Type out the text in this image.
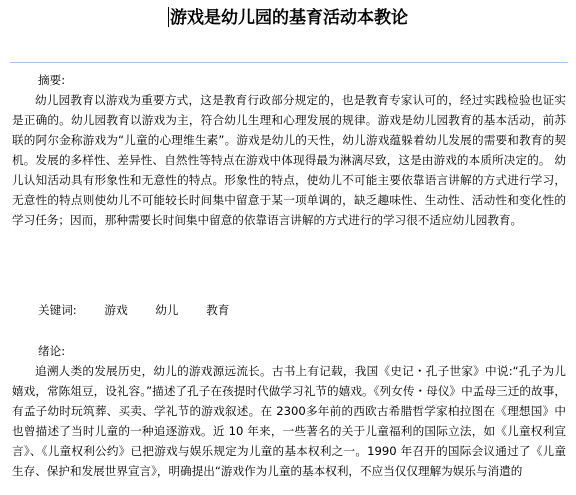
游戏是幼儿园的基育活动本教论
摘要:
幼儿园教育以游戏为重要方式，这是教育行政部分规定的，也是教育专家认可的，经过实践检验也证实是正确的。幼儿园教育以游戏为主，符合幼儿生理和心理发展的规律。游戏是幼儿园教育的基本活动，前苏联的阿尔金称游戏为“儿童的心理维生素”。游戏是幼儿的天性，幼儿游戏蕴躲着幼儿发展的需要和教育的契机。发展的多样性、差异性、自然性等特点在游戏中体现得最为淋漓尽致，这是由游戏的本质所决定的。 幼儿认知活动具有形象性和无意性的特点。形象性的特点，使幼儿不可能主要依靠语言讲解的方式进行学习，无意性的特点则使幼儿不可能较长时间集中留意于某一项单调的，缺乏趣味性、生动性、活动性和变化性的学习任务；因而，那种需要长时间集中留意的依靠语言讲解的方式进行的学习很不适应幼儿园教育。
关键词: 游戏 幼儿 教育
绪论:
追溯人类的发展历史，幼儿的游戏源远流长。古书上有记载，我国《史记・孔子世家》中说:“孔子为儿嬉戏，常陈俎豆，设礼容。”描述了孔子在孩提时代做学习礼节的嬉戏。《列女传・母仪》中孟母三迁的故事，有孟子幼时玩筑葬、买卖、学礼节的游戏叙述。在 2300多年前的西欧古希腊哲学家柏拉图在《理想国》中也曾描述了当时儿童的一种追逐游戏。近 10 年来，一些著名的关于儿童福利的国际立法，如《儿童权利宣言》、《儿童权利公约》已把游戏与娱乐规定为儿童的基本权利之一。1990 年召开的国际会议通过了《儿童生存、保护和发展世界宣言》，明确提出“游戏作为儿童的基本权利，不应当仅仅理解为娱乐与消遣的
